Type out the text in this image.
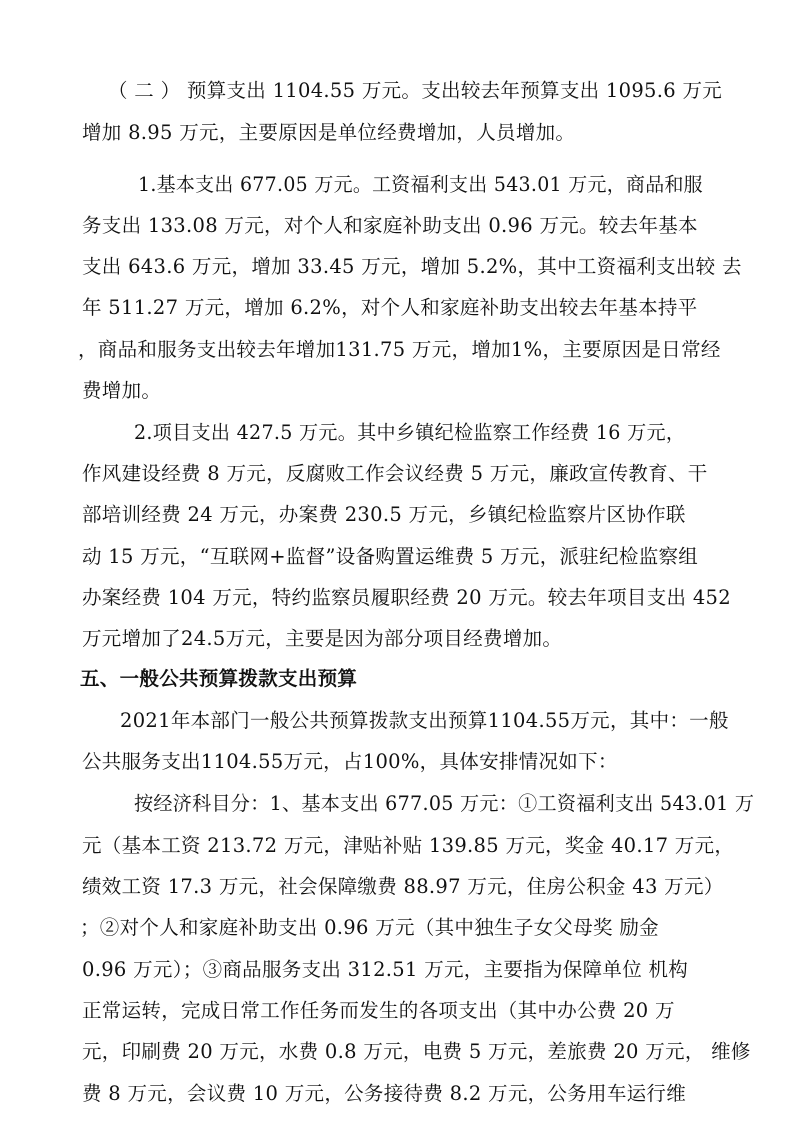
（ 二 ） 预算支出 1104.55 万元。支出较去年预算支出 1095.6 万元
增加 8.95 万元，主要原因是单位经费增加，人员增加。
1.基本支出 677.05 万元。工资福利支出 543.01 万元，商品和服
务支出 133.08 万元，对个人和家庭补助支出 0.96 万元。较去年基本
支出 643.6 万元，增加 33.45 万元，增加 5.2%，其中工资福利支出较 去
年 511.27 万元，增加 6.2%，对个人和家庭补助支出较去年基本持平
，商品和服务支出较去年增加131.75 万元，增加1%，主要原因是日常经
费增加。
2.项目支出 427.5 万元。其中乡镇纪检监察工作经费 16 万元，
作风建设经费 8 万元，反腐败工作会议经费 5 万元，廉政宣传教育、干
部培训经费 24 万元，办案费 230.5 万元，乡镇纪检监察片区协作联
动 15 万元，“互联网+监督”设备购置运维费 5 万元，派驻纪检监察组
办案经费 104 万元，特约监察员履职经费 20 万元。较去年项目支出 452
万元增加了24.5万元，主要是因为部分项目经费增加。
五、一般公共预算拨款支出预算
2021年本部门一般公共预算拨款支出预算1104.55万元，其中：一般
公共服务支出1104.55万元，占100%，具体安排情况如下：
按经济科目分：1、基本支出 677.05 万元：①工资福利支出 543.01 万
元（基本工资 213.72 万元，津贴补贴 139.85 万元，奖金 40.17 万元，
绩效工资 17.3 万元，社会保障缴费 88.97 万元，住房公积金 43 万元）
；②对个人和家庭补助支出 0.96 万元（其中独生子女父母奖 励金
0.96 万元）；③商品服务支出 312.51 万元，主要指为保障单位 机构
正常运转，完成日常工作任务而发生的各项支出（其中办公费 20 万
元，印刷费 20 万元，水费 0.8 万元，电费 5 万元，差旅费 20 万元， 维修
费 8 万元，会议费 10 万元，公务接待费 8.2 万元，公务用车运行维
